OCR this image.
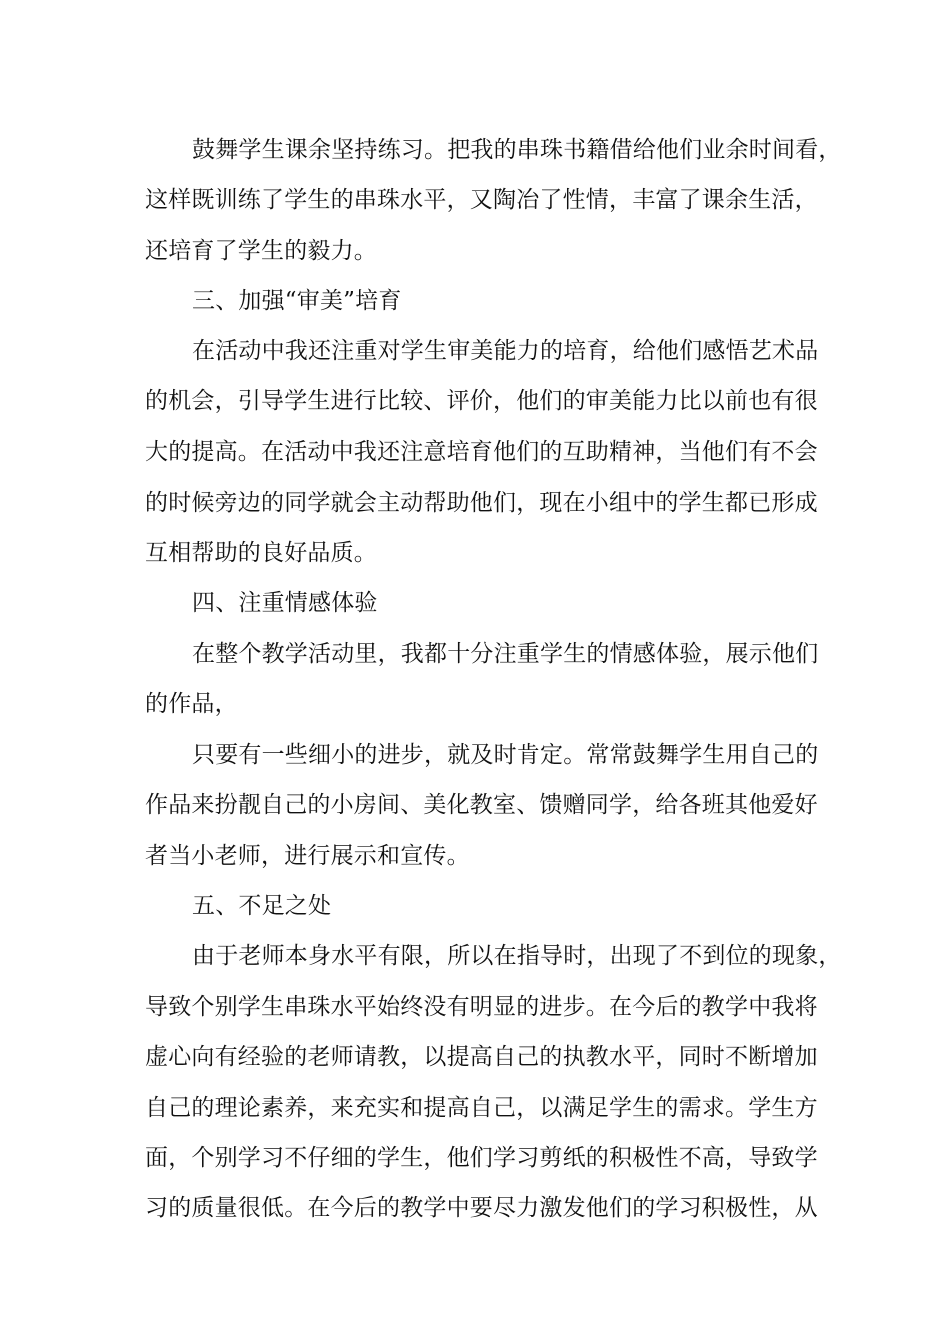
鼓舞学生课余坚持练习。把我的串珠书籍借给他们业余时间看，
这样既训练了学生的串珠水平，又陶冶了性情，丰富了课余生活，
还培育了学生的毅力。
三、加强“审美”培育
在活动中我还注重对学生审美能力的培育，给他们感悟艺术品
的机会，引导学生进行比较、评价，他们的审美能力比以前也有很
大的提高。在活动中我还注意培育他们的互助精神，当他们有不会
的时候旁边的同学就会主动帮助他们，现在小组中的学生都已形成
互相帮助的良好品质。
四、注重情感体验
在整个教学活动里，我都十分注重学生的情感体验，展示他们
的作品，
只要有一些细小的进步，就及时肯定。常常鼓舞学生用自己的
作品来扮靓自己的小房间、美化教室、馈赠同学，给各班其他爱好
者当小老师，进行展示和宣传。
五、不足之处
由于老师本身水平有限，所以在指导时，出现了不到位的现象，
导致个别学生串珠水平始终没有明显的进步。在今后的教学中我将
虚心向有经验的老师请教，以提高自己的执教水平，同时不断增加
自己的理论素养，来充实和提高自己，以满足学生的需求。学生方
面，个别学习不仔细的学生，他们学习剪纸的积极性不高，导致学
习的质量很低。在今后的教学中要尽力激发他们的学习积极性，从
